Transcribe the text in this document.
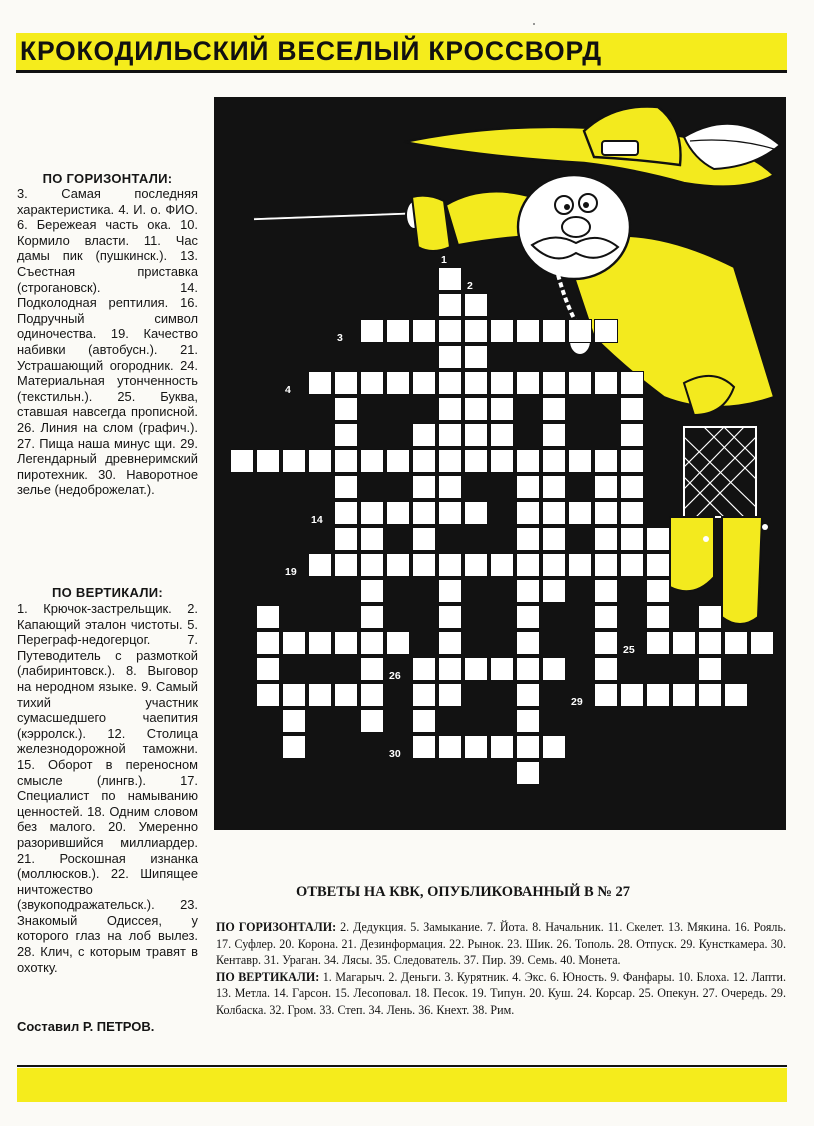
КРОКОДИЛЬСКИЙ ВЕСЕЛЫЙ КРОССВОРД
ПО ГОРИЗОНТАЛИ:
3. Самая последняя характеристика. 4. И. о. ФИО. 6. Бережеая часть ока. 10. Кормило власти. 11. Час дамы пик (пушкинск.). 13. Съестная приставка (строгановск). 14. Подколодная рептилия. 16. Подручный символ одиночества. 19. Качество набивки (автобусн.). 21. Устрашающий огородник. 24. Материальная утонченность (текстильн.). 25. Буква, ставшая навсегда прописной. 26. Линия на слом (графич.). 27. Пища наша минус щи. 29. Легендарный древнеримский пиротехник. 30. Наворотное зелье (недоброжелат.).
ПО ВЕРТИКАЛИ:
1. Крючок-застрельщик. 2. Капающий эталон чистоты. 5. Переграф-недогерцог. 7. Путеводитель с размоткой (лабиринтовск.). 8. Выговор на неродном языке. 9. Самый тихий участник сумасшедшего чаепития (кэрролск.). 12. Столица железнодорожной таможни. 15. Оборот в переносном смысле (лингв.). 17. Специалист по намыванию ценностей. 18. Одним словом без малого. 20. Умеренно разорившийся миллиардер. 21. Роскошная изнанка (моллюсков.). 22. Шипящее ничтожество (звукоподражательск.). 23. Знакомый Одиссея, у которого глаз на лоб вылез. 28. Клич, с которым травят в охотку.
Составил Р. ПЕТРОВ.
1
2
3
4	5	6	7	8
9
10	11	12	13
14 15	16	17
18
19	20	21
22	23
24	25
26
27 28	29
30
ОТВЕТЫ НА КВК, ОПУБЛИКОВАННЫЙ В № 27
ПО ГОРИЗОНТАЛИ: 2. Дедукция. 5. Замыкание. 7. Йота. 8. Начальник. 11. Скелет. 13. Мякина. 16. Рояль. 17. Суфлер. 20. Корона. 21. Дезинформация. 22. Рынок. 23. Шик. 26. Тополь. 28. Отпуск. 29. Кунсткамера. 30. Кентавр. 31. Ураган. 34. Лясы. 35. Следователь. 37. Пир. 39. Семь. 40. Монета.
ПО ВЕРТИКАЛИ: 1. Магарыч. 2. Деньги. 3. Курятник. 4. Экс. 6. Юность. 9. Фанфары. 10. Блоха. 12. Лапти. 13. Метла. 14. Гарсон. 15. Лесоповал. 18. Песок. 19. Типун. 20. Куш. 24. Корсар. 25. Опекун. 27. Очередь. 29. Колбаска. 32. Гром. 33. Степ. 34. Лень. 36. Кнехт. 38. Рим.
